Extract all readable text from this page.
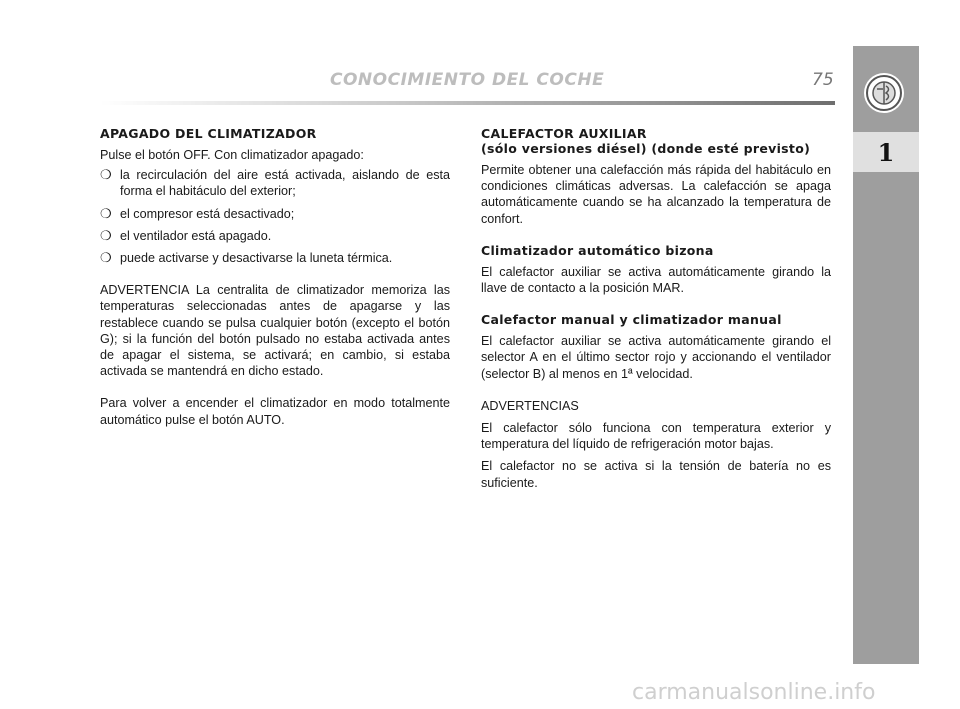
CONOCIMIENTO DEL COCHE	75
1
APAGADO DEL CLIMATIZADOR

Pulse el botón OFF. Con climatizador apagado:

❍ la recirculación del aire está activada, aislando de esta forma el habitáculo del exterior;
❍ el compresor está desactivado;
❍ el ventilador está apagado.
❍ puede activarse y desactivarse la luneta térmica.

ADVERTENCIA La centralita de climatizador memoriza las temperaturas seleccionadas antes de apagarse y las restablece cuando se pulsa cualquier botón (excepto el botón G); si la función del botón pulsado no estaba activada antes de apagar el sistema, se activará; en cambio, si estaba activada se mantendrá en dicho estado.

Para volver a encender el climatizador en modo totalmente automático pulse el botón AUTO.

CALEFACTOR AUXILIAR
(sólo versiones diésel) (donde esté previsto)

Permite obtener una calefacción más rápida del habitáculo en condiciones climáticas adversas. La calefacción se apaga automáticamente cuando se ha alcanzado la temperatura de confort.

Climatizador automático bizona

El calefactor auxiliar se activa automáticamente girando la llave de contacto a la posición MAR.

Calefactor manual y climatizador manual

El calefactor auxiliar se activa automáticamente girando el selector A en el último sector rojo y accionando el ventilador (selector B) al menos en 1ª velocidad.

ADVERTENCIAS

El calefactor sólo funciona con temperatura exterior y temperatura del líquido de refrigeración motor bajas.

El calefactor no se activa si la tensión de batería no es suficiente.

carmanualsonline.info
